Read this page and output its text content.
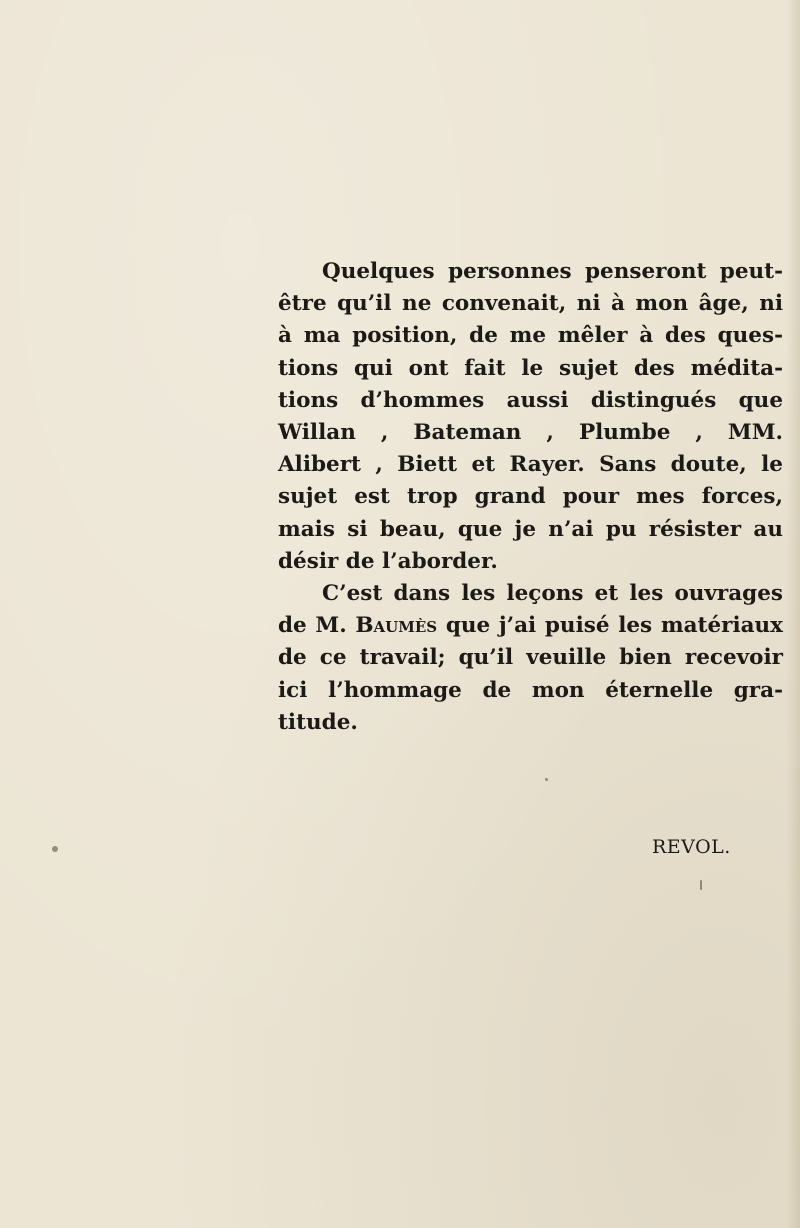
Quelques personnes penseront peut-
être qu’il ne convenait, ni à mon âge, ni
à ma position, de me mêler à des ques-
tions qui ont fait le sujet des médita-
tions d’hommes aussi distingués que
Willan , Bateman , Plumbe , MM.
Alibert , Biett et Rayer. Sans doute, le
sujet est trop grand pour mes forces,
mais si beau, que je n’ai pu résister au
désir de l’aborder.
C’est dans les leçons et les ouvrages
de M. Baumès que j’ai puisé les matériaux
de ce travail; qu’il veuille bien recevoir
ici l’hommage de mon éternelle gra-
titude.
REVOL.
